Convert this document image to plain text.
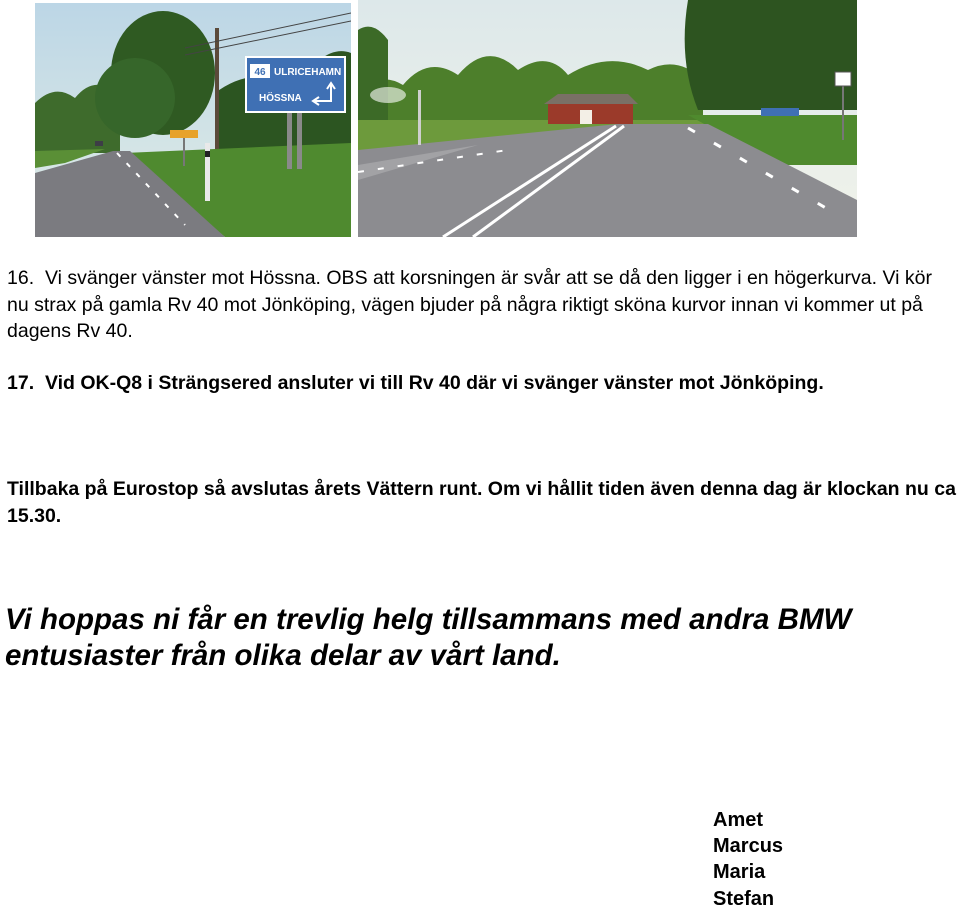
46 ULRICEHAMN
HÖSSNA

16. Vi svänger vänster mot Hössna. OBS att korsningen är svår att se då den ligger i en högerkurva. Vi kör nu strax på gamla Rv 40 mot Jönköping, vägen bjuder på några riktigt sköna kurvor innan vi kommer ut på dagens Rv 40.

17. Vid OK-Q8 i Strängsered ansluter vi till Rv 40 där vi svänger vänster mot Jönköping.

Tillbaka på Eurostop så avslutas årets Vättern runt. Om vi hållit tiden även denna dag är klockan nu ca 15.30.

Vi hoppas ni får en trevlig helg tillsammans med andra BMW entusiaster från olika delar av vårt land.

Amet
Marcus
Maria
Stefan
